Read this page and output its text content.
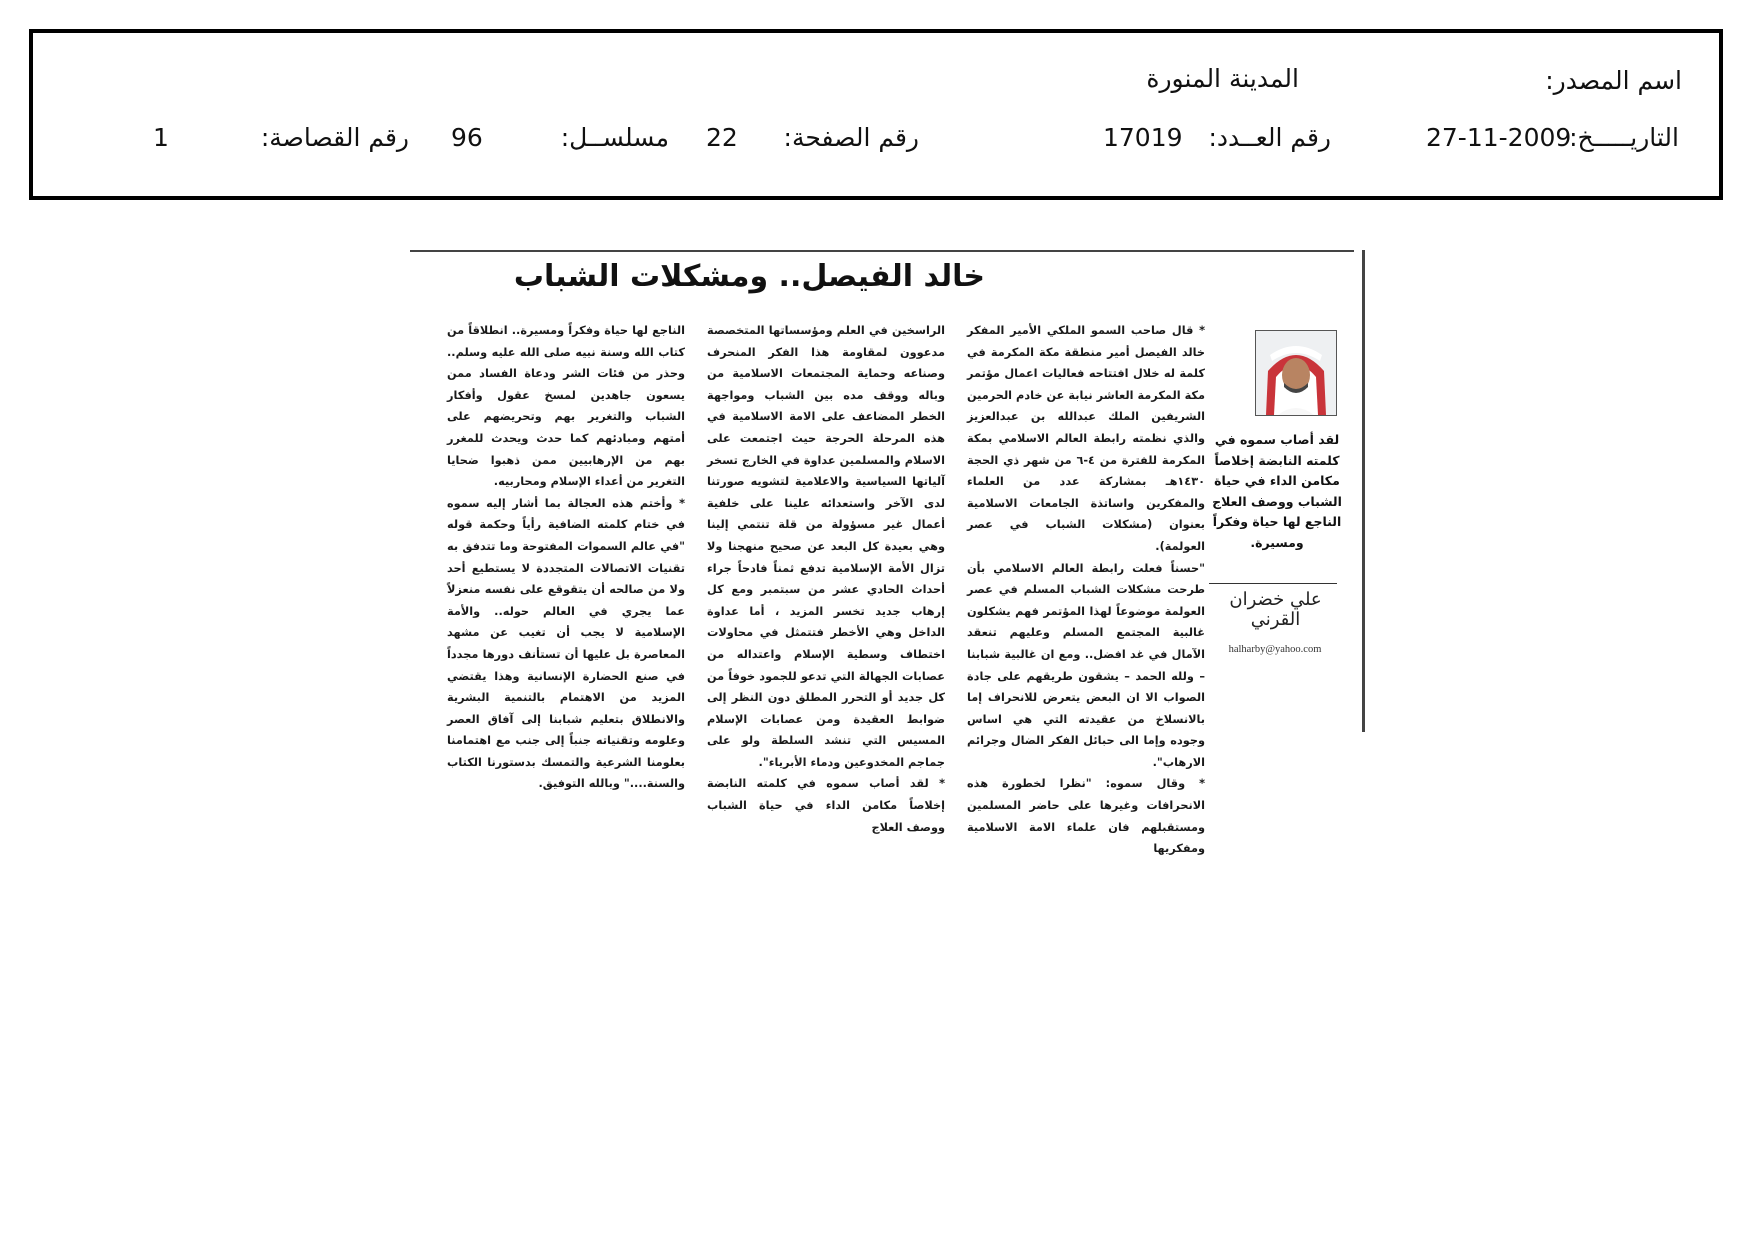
اسم المصدر:
المدينة المنورة
التاريـــــخ:
27-11-2009
رقم العــدد:
17019
رقم الصفحة:
22
مسلســل:
96
رقم القصاصة:
1
خالد الفيصل.. ومشكلات الشباب

* قال صاحب السمو الملكي الأمير المفكر خالد الفيصل أمير منطقة مكة المكرمة في كلمة له خلال افتتاحه فعاليات اعمال مؤتمر مكة المكرمة العاشر نيابة عن خادم الحرمين الشريفين الملك عبدالله بن عبدالعزيز والذي نظمته رابطة العالم الاسلامي بمكة المكرمة للفترة من ٤-٦ من شهر ذي الحجة ١٤٣٠هـ بمشاركة عدد من العلماء والمفكرين واساتذة الجامعات الاسلامية بعنوان (مشكلات الشباب في عصر العولمة).

"حسناً فعلت رابطة العالم الاسلامي بأن طرحت مشكلات الشباب المسلم في عصر العولمة موضوعاً لهذا المؤتمر فهم يشكلون غالبية المجتمع المسلم وعليهم تنعقد الآمال في غد افضل.. ومع ان غالبية شبابنا – ولله الحمد – يشقون طريقهم على جادة الصواب الا ان البعض يتعرض للانحراف إما بالانسلاخ من عقيدته التي هي اساس وجوده وإما الى حبائل الفكر الضال وجرائم الارهاب".

* وقال سموه: "نظرا لخطورة هذه الانحرافات وغيرها على حاضر المسلمين ومستقبلهم فان علماء الامة الاسلامية ومفكريها

الراسخين في العلم ومؤسساتها المتخصصة مدعوون لمقاومة هذا الفكر المنحرف وصناعه وحماية المجتمعات الاسلامية من وباله ووقف مده بين الشباب ومواجهة الخطر المضاعف على الامة الاسلامية في هذه المرحلة الحرجة حيث اجتمعت على الاسلام والمسلمين عداوة في الخارج تسخر آلياتها السياسية والاعلامية لتشويه صورتنا لدى الآخر واستعدائه علينا على خلفية أعمال غير مسؤولة من قلة تنتمي إلينا وهي بعيدة كل البعد عن صحيح منهجنا ولا تزال الأمة الإسلامية تدفع ثمناً فادحاً جراء أحداث الحادي عشر من سبتمبر ومع كل إرهاب جديد تخسر المزيد ، أما عداوة الداخل وهي الأخطر فتتمثل في محاولات اختطاف وسطية الإسلام واعتداله من عصابات الجهالة التي تدعو للجمود خوفاً من كل جديد أو التحرر المطلق دون النظر إلى ضوابط العقيدة ومن عصابات الإسلام المسيس التي تنشد السلطة ولو على جماجم المخدوعين ودماء الأبرياء".

* لقد أصاب سموه في كلمته النابضة إخلاصاً مكامن الداء في حياة الشباب ووصف العلاج

الناجع لها حياة وفكراً ومسيرة.. انطلاقاً من كتاب الله وسنة نبيه صلى الله عليه وسلم.. وحذر من فئات الشر ودعاة الفساد ممن يسعون جاهدين لمسخ عقول وأفكار الشباب والتغرير بهم وتحريضهم على أمتهم ومبادئهم كما حدث ويحدث للمغرر بهم من الإرهابيين ممن ذهبوا ضحايا التغرير من أعداء الإسلام ومحاربيه.

* وأختم هذه العجالة بما أشار إليه سموه في ختام كلمته الضافية رأياً وحكمة قوله "في عالم السموات المفتوحة وما تتدفق به تقنيات الاتصالات المتجددة لا يستطيع أحد ولا من صالحه أن يتقوقع على نفسه منعزلاً عما يجري في العالم حوله.. والأمة الإسلامية لا يجب أن تغيب عن مشهد المعاصرة بل عليها أن تستأنف دورها مجدداً في صنع الحضارة الإنسانية وهذا يقتضي المزيد من الاهتمام بالتنمية البشرية والانطلاق بتعليم شبابنا إلى آفاق العصر وعلومه وتقنياته جنباً إلى جنب مع اهتمامنا بعلومنا الشرعية والتمسك بدستورنا الكتاب والسنة...." وبالله التوفيق.

لقد أصاب سموه في كلمته النابضة إخلاصاً مكامن الداء في حياة الشباب ووصف العلاج الناجع لها حياة وفكراً ومسيرة.
علي خضران القرني
halharby@yahoo.com
